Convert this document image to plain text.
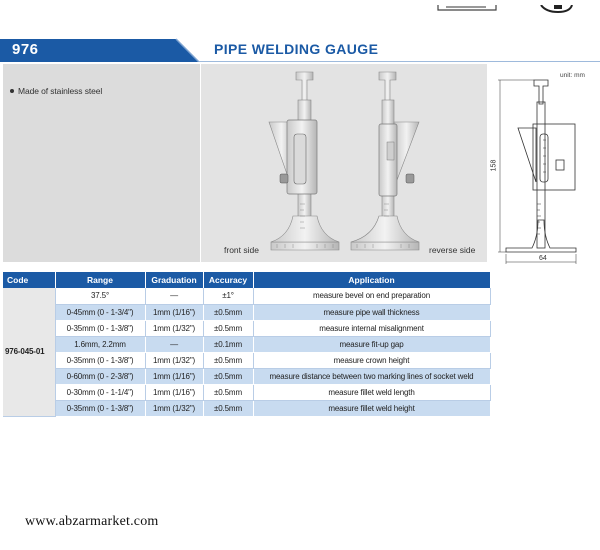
976	PIPE WELDING GAUGE
Made of stainless steel
front side	reverse side
unit: mm
158
64
Code	Range	Graduation	Accuracy	Application
976-045-01	37.5°	—	±1°	measure bevel on end preparation
	0-45mm (0 - 1-3/4")	1mm (1/16")	±0.5mm	measure pipe wall thickness
	0-35mm (0 - 1-3/8")	1mm (1/32")	±0.5mm	measure internal misalignment
	1.6mm, 2.2mm	—	±0.1mm	measure fit-up gap
	0-35mm (0 - 1-3/8")	1mm (1/32")	±0.5mm	measure crown height
	0-60mm (0 - 2-3/8")	1mm (1/16")	±0.5mm	measure distance between two marking lines of socket weld
	0-30mm (0 - 1-1/4")	1mm (1/16")	±0.5mm	measure fillet weld length
	0-35mm (0 - 1-3/8")	1mm (1/32")	±0.5mm	measure fillet weld height
www.abzarmarket.com
